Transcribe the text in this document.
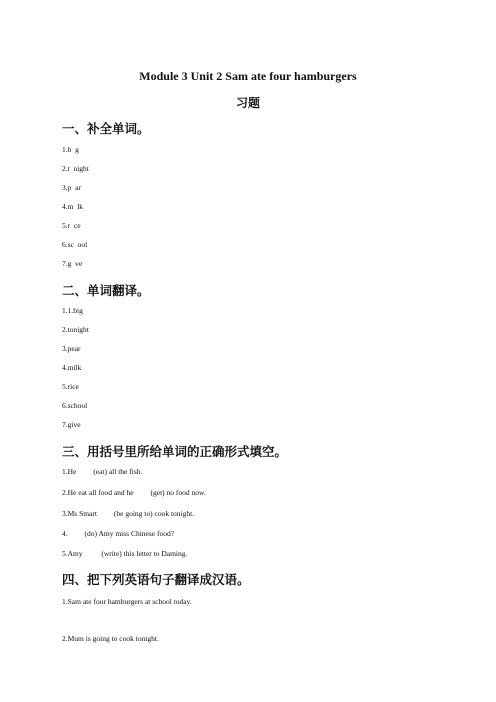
Module 3 Unit 2 Sam ate four hamburgers
习题
一、补全单词。
1.b  g
2.t  night
3.p  ar
4.m  lk
5.r  ce
6.sc  ool
7.g  ve
二、单词翻译。
1.1.big
2.tonight
3.pear
4.milk
5.rice
6.school
7.give
三、用括号里所给单词的正确形式填空。
1.He         (eat) all the fish.
2.He eat all food and he         (get) no food now.
3.Ms Smart         (be going to) cook tonight.
4.         (do) Amy miss Chinese food?
5.Amy          (write) this letter to Daming.
四、把下列英语句子翻译成汉语。
1.Sam ate four hamburgers at school today.
2.Mum is going to cook tonight.
